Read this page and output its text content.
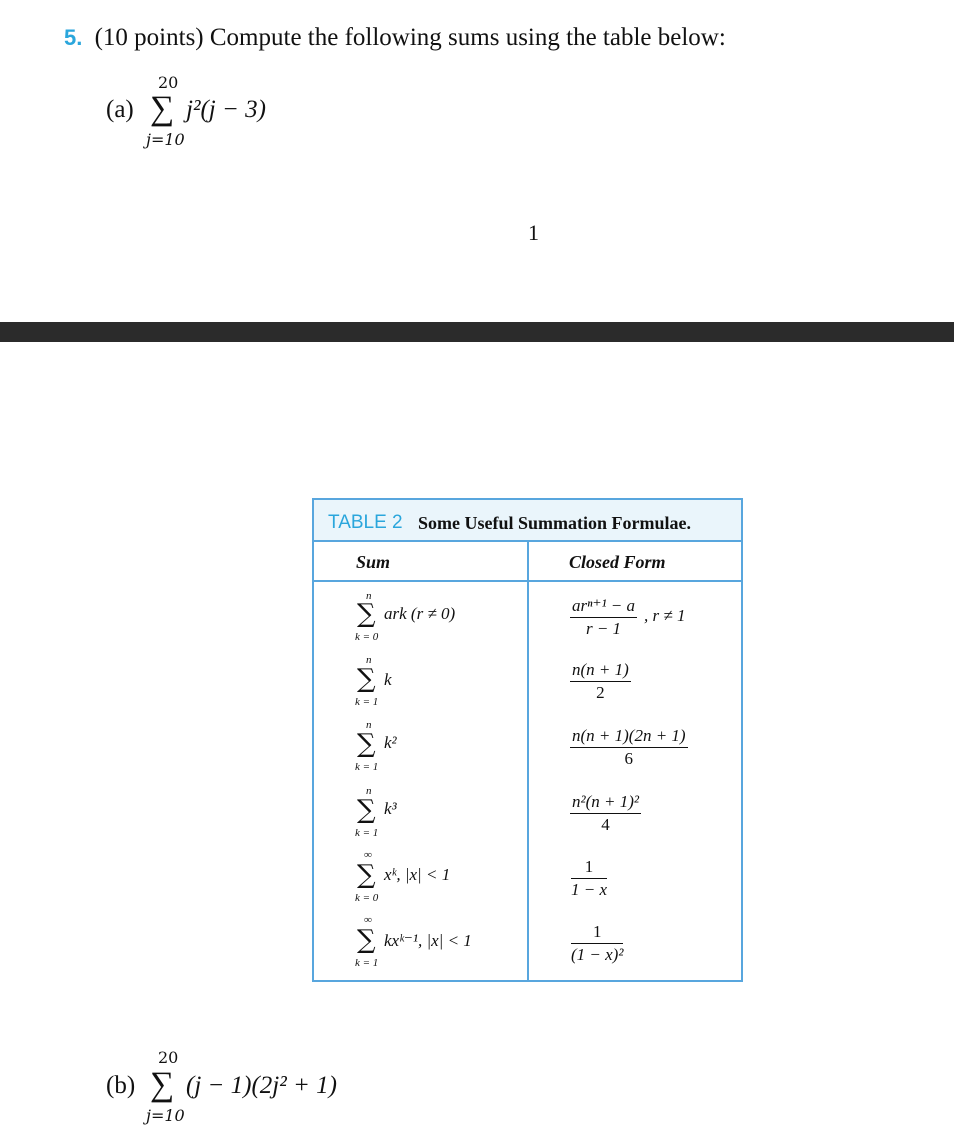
5. (10 points) Compute the following sums using the table below:
(a)
20
∑
j=10
j²(j − 3)
1
TABLE 2 Some Useful Summation Formulae.
Sum	Closed Form
n
∑
k = 0
ark (r ≠ 0)	arⁿ⁺¹ − a
r − 1
, r ≠ 1
n
∑
k = 1
k	$\frac{n(n + 1)}{2}$
n
∑
k = 1
k²	$\frac{n(n + 1)(2n + 1)}{6}$
n
∑
k = 1
k³	$\frac{\text{n²(n + 1)²}}{4}$
∞
∑
k = 0
xᵏ, |x| < 1	$\frac{1}{1 - x}$
∞
∑
k = 1
kxᵏ⁻¹, |x| < 1	$\frac{1}{\text{(1 − x)²}}$
(b)
20
∑
j=10
(j − 1)(2j² + 1)
